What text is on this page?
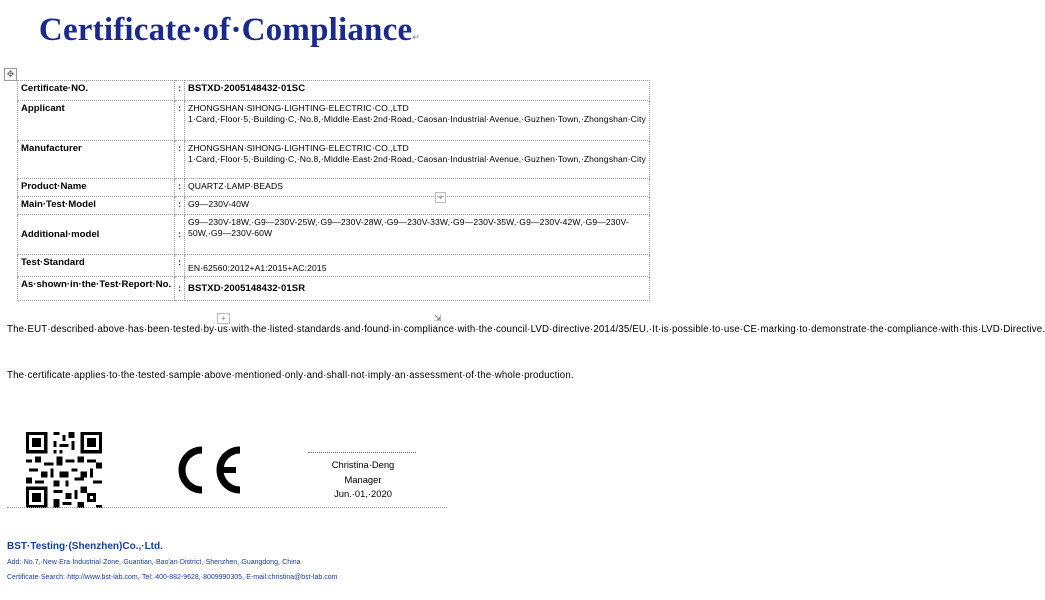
Certificate·of·Compliance↵
✥
Certificate·NO.	:	BSTXD·2005148432·01SC
Applicant	:	ZHONGSHAN·SIHONG·LIGHTING·ELECTRIC·CO.,LTD
1·Card,·Floor·5,·Building·C,·No.8,·Middle·East·2nd·Road,·Caosan·Industrial·Avenue,·Guzhen·Town,·Zhongshan·City

Manufacturer	:	ZHONGSHAN·SIHONG·LIGHTING·ELECTRIC·CO.,LTD
1·Card,·Floor·5,·Building·C,·No.8,·Middle·East·2nd·Road,·Caosan·Industrial·Avenue,·Guzhen·Town,·Zhongshan·City

Product·Name	:	QUARTZ·LAMP·BEADS
Main·Test·Model	:	G9—230V-40W
Additional·model	:	G9—230V-18W,·G9—230V-25W,·G9—230V-28W,·G9—230V-33W,·G9—230V-35W,·G9—230V-42W,·G9—230V-50W,·G9—230V-60W
Test·Standard	:	EN·62560:2012+A1:2015+AC:2015
As·shown·in·the·Test·Report·No.	:	BSTXD·2005148432·01SR
+
+	⇲
The·EUT·described·above·has·been·tested·by·us·with·the·listed·standards·and·found·in·compliance·with·the·council·LVD·directive·2014/35/EU.·It·is·possible·to·use·CE·marking·to·demonstrate·the·compliance·with·this·LVD·Directive.
The·certificate·applies·to·the·tested·sample·above·mentioned·only·and·shall·not·imply·an·assessment·of·the·whole·production.
Christina·Deng
Manager
Jun.·01,·2020
BST·Testing·(Shenzhen)Co.,·Ltd.
Add:·No.7,·New·Era·Industrial·Zone,·Guantian,·Bao'an·District,·Shenzhen,·Guangdong,·China
Certificate·Search:·http://www.bst-lab.com,·Tel:·400-882-9628,·8009990305,·E-mail:christina@bst-lab.com
